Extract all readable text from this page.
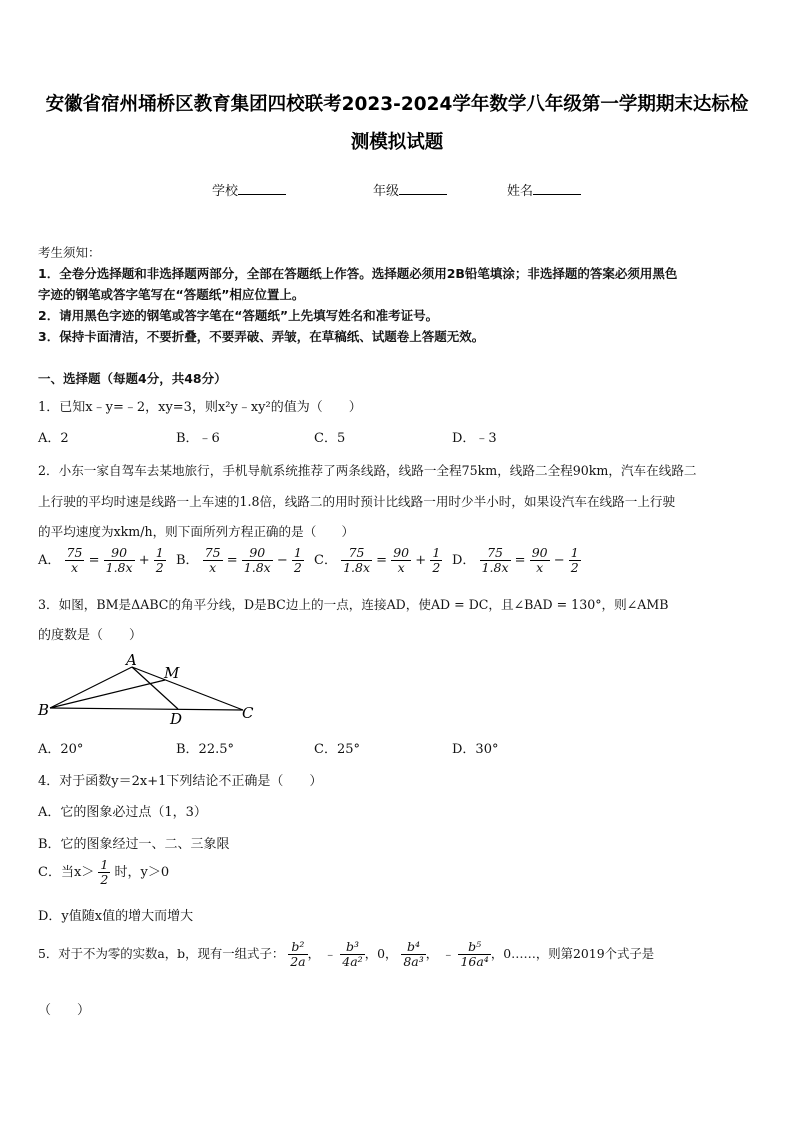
安徽省宿州埇桥区教育集团四校联考2023-2024学年数学八年级第一学期期末达标检
测模拟试题
学校	年级	姓名
考生须知：
1．全卷分选择题和非选择题两部分，全部在答题纸上作答。选择题必须用2B铅笔填涂；非选择题的答案必须用黑色
字迹的钢笔或答字笔写在“答题纸”相应位置上。
2．请用黑色字迹的钢笔或答字笔在“答题纸”上先填写姓名和准考证号。
3．保持卡面清洁，不要折叠，不要弄破、弄皱，在草稿纸、试题卷上答题无效。
一、选择题（每题4分，共48分）
1．已知x﹣y=﹣2，xy=3，则x²y﹣xy²的值为（　　）
A．2	B．﹣6	C．5	D．﹣3
2．小东一家自驾车去某地旅行，手机导航系统推荐了两条线路，线路一全程75km，线路二全程90km，汽车在线路二
上行驶的平均时速是线路一上车速的1.8倍，线路二的用时预计比线路一用时少半小时，如果设汽车在线路一上行驶
的平均速度为xkm/h，则下面所列方程正确的是（　　）
A． $\frac{75}{x} = \frac{90}{1.8x} + \frac{1}{2}$ B． $\frac{75}{x} = \frac{90}{1.8x} - \frac{1}{2}$ C． $\frac{75}{1.8x} = \frac{90}{x} + \frac{1}{2}$ D． $\frac{75}{1.8x} = \frac{90}{x} - \frac{1}{2}$
3．如图，BM是ΔABC的角平分线，D是BC边上的一点，连接AD，使AD = DC，且∠BAD = 130°，则∠AMB
的度数是（　　）
A
M
B	D	C
A．20°	B．22.5°	C．25°	D．30°
4．对于函数y＝2x+1下列结论不正确是（　　）
A．它的图象必过点（1，3）
B．它的图象经过一、二、三象限
C．当$x> \frac{1}{2}$ 时，y＞0
D．y值随x值的增大而增大
5．对于不为零的实数a，b，现有一组式子： $\frac{\text{b²}}{2a}$ ， ﹣ $\frac{\text{b³}}{\text{4a²}}$ ，0， $\frac{\text{b⁴}}{\text{8a³}}$ ， ﹣ $\frac{\text{b⁵}}{\text{16a⁴}}$ ，0……，则第2019个式子是
（　　）
